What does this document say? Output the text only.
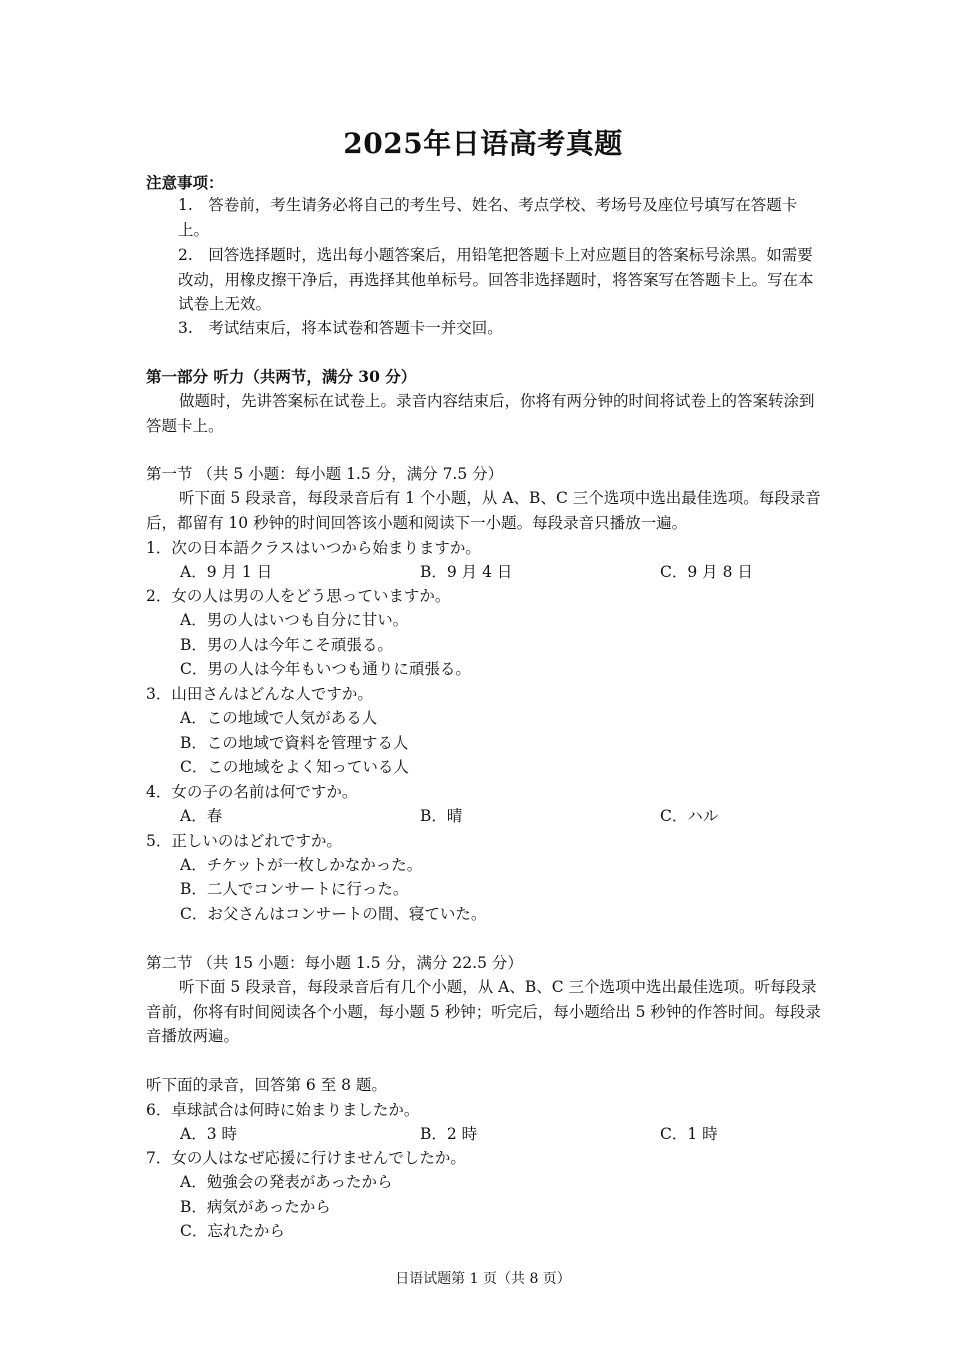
2025年日语高考真题
注意事项：
1.　答卷前，考生请务必将自己的考生号、姓名、考点学校、考场号及座位号填写在答题卡上。
2.　回答选择题时，选出每小题答案后，用铅笔把答题卡上对应题目的答案标号涂黑。如需要改动，用橡皮擦干净后，再选择其他单标号。回答非选择题时，将答案写在答题卡上。写在本试卷上无效。
3.　考试结束后，将本试卷和答题卡一并交回。
第一部分 听力（共两节，满分 30 分）
做题时，先讲答案标在试卷上。录音内容结束后，你将有两分钟的时间将试卷上的答案转涂到答题卡上。
第一节 （共 5 小题：每小题 1.5 分，满分 7.5 分）
听下面 5 段录音，每段录音后有 1 个小题，从 A、B、C 三个选项中选出最佳选项。每段录音后，都留有 10 秒钟的时间回答该小题和阅读下一小题。每段录音只播放一遍。
1．次の日本語クラスはいつから始まりますか。
A．9 月 1 日	B．9 月 4 日	C．9 月 8 日
2．女の人は男の人をどう思っていますか。
A．男の人はいつも自分に甘い。
B．男の人は今年こそ頑張る。
C．男の人は今年もいつも通りに頑張る。
3．山田さんはどんな人ですか。
A．この地域で人気がある人
B．この地域で資料を管理する人
C．この地域をよく知っている人
4．女の子の名前は何ですか。
A．春	B．晴	C．ハル
5．正しいのはどれですか。
A．チケットが一枚しかなかった。
B．二人でコンサートに行った。
C．お父さんはコンサートの間、寝ていた。
第二节 （共 15 小题：每小题 1.5 分，满分 22.5 分）
听下面 5 段录音，每段录音后有几个小题，从 A、B、C 三个选项中选出最佳选项。听每段录音前，你将有时间阅读各个小题，每小题 5 秒钟；听完后，每小题给出 5 秒钟的作答时间。每段录音播放两遍。
听下面的录音，回答第 6 至 8 题。
6．卓球試合は何時に始まりましたか。
A．3 時	B．2 時	C．1 時
7．女の人はなぜ応援に行けませんでしたか。
A．勉強会の発表があったから
B．病気があったから
C．忘れたから
日语试题第 1 页（共 8 页）
